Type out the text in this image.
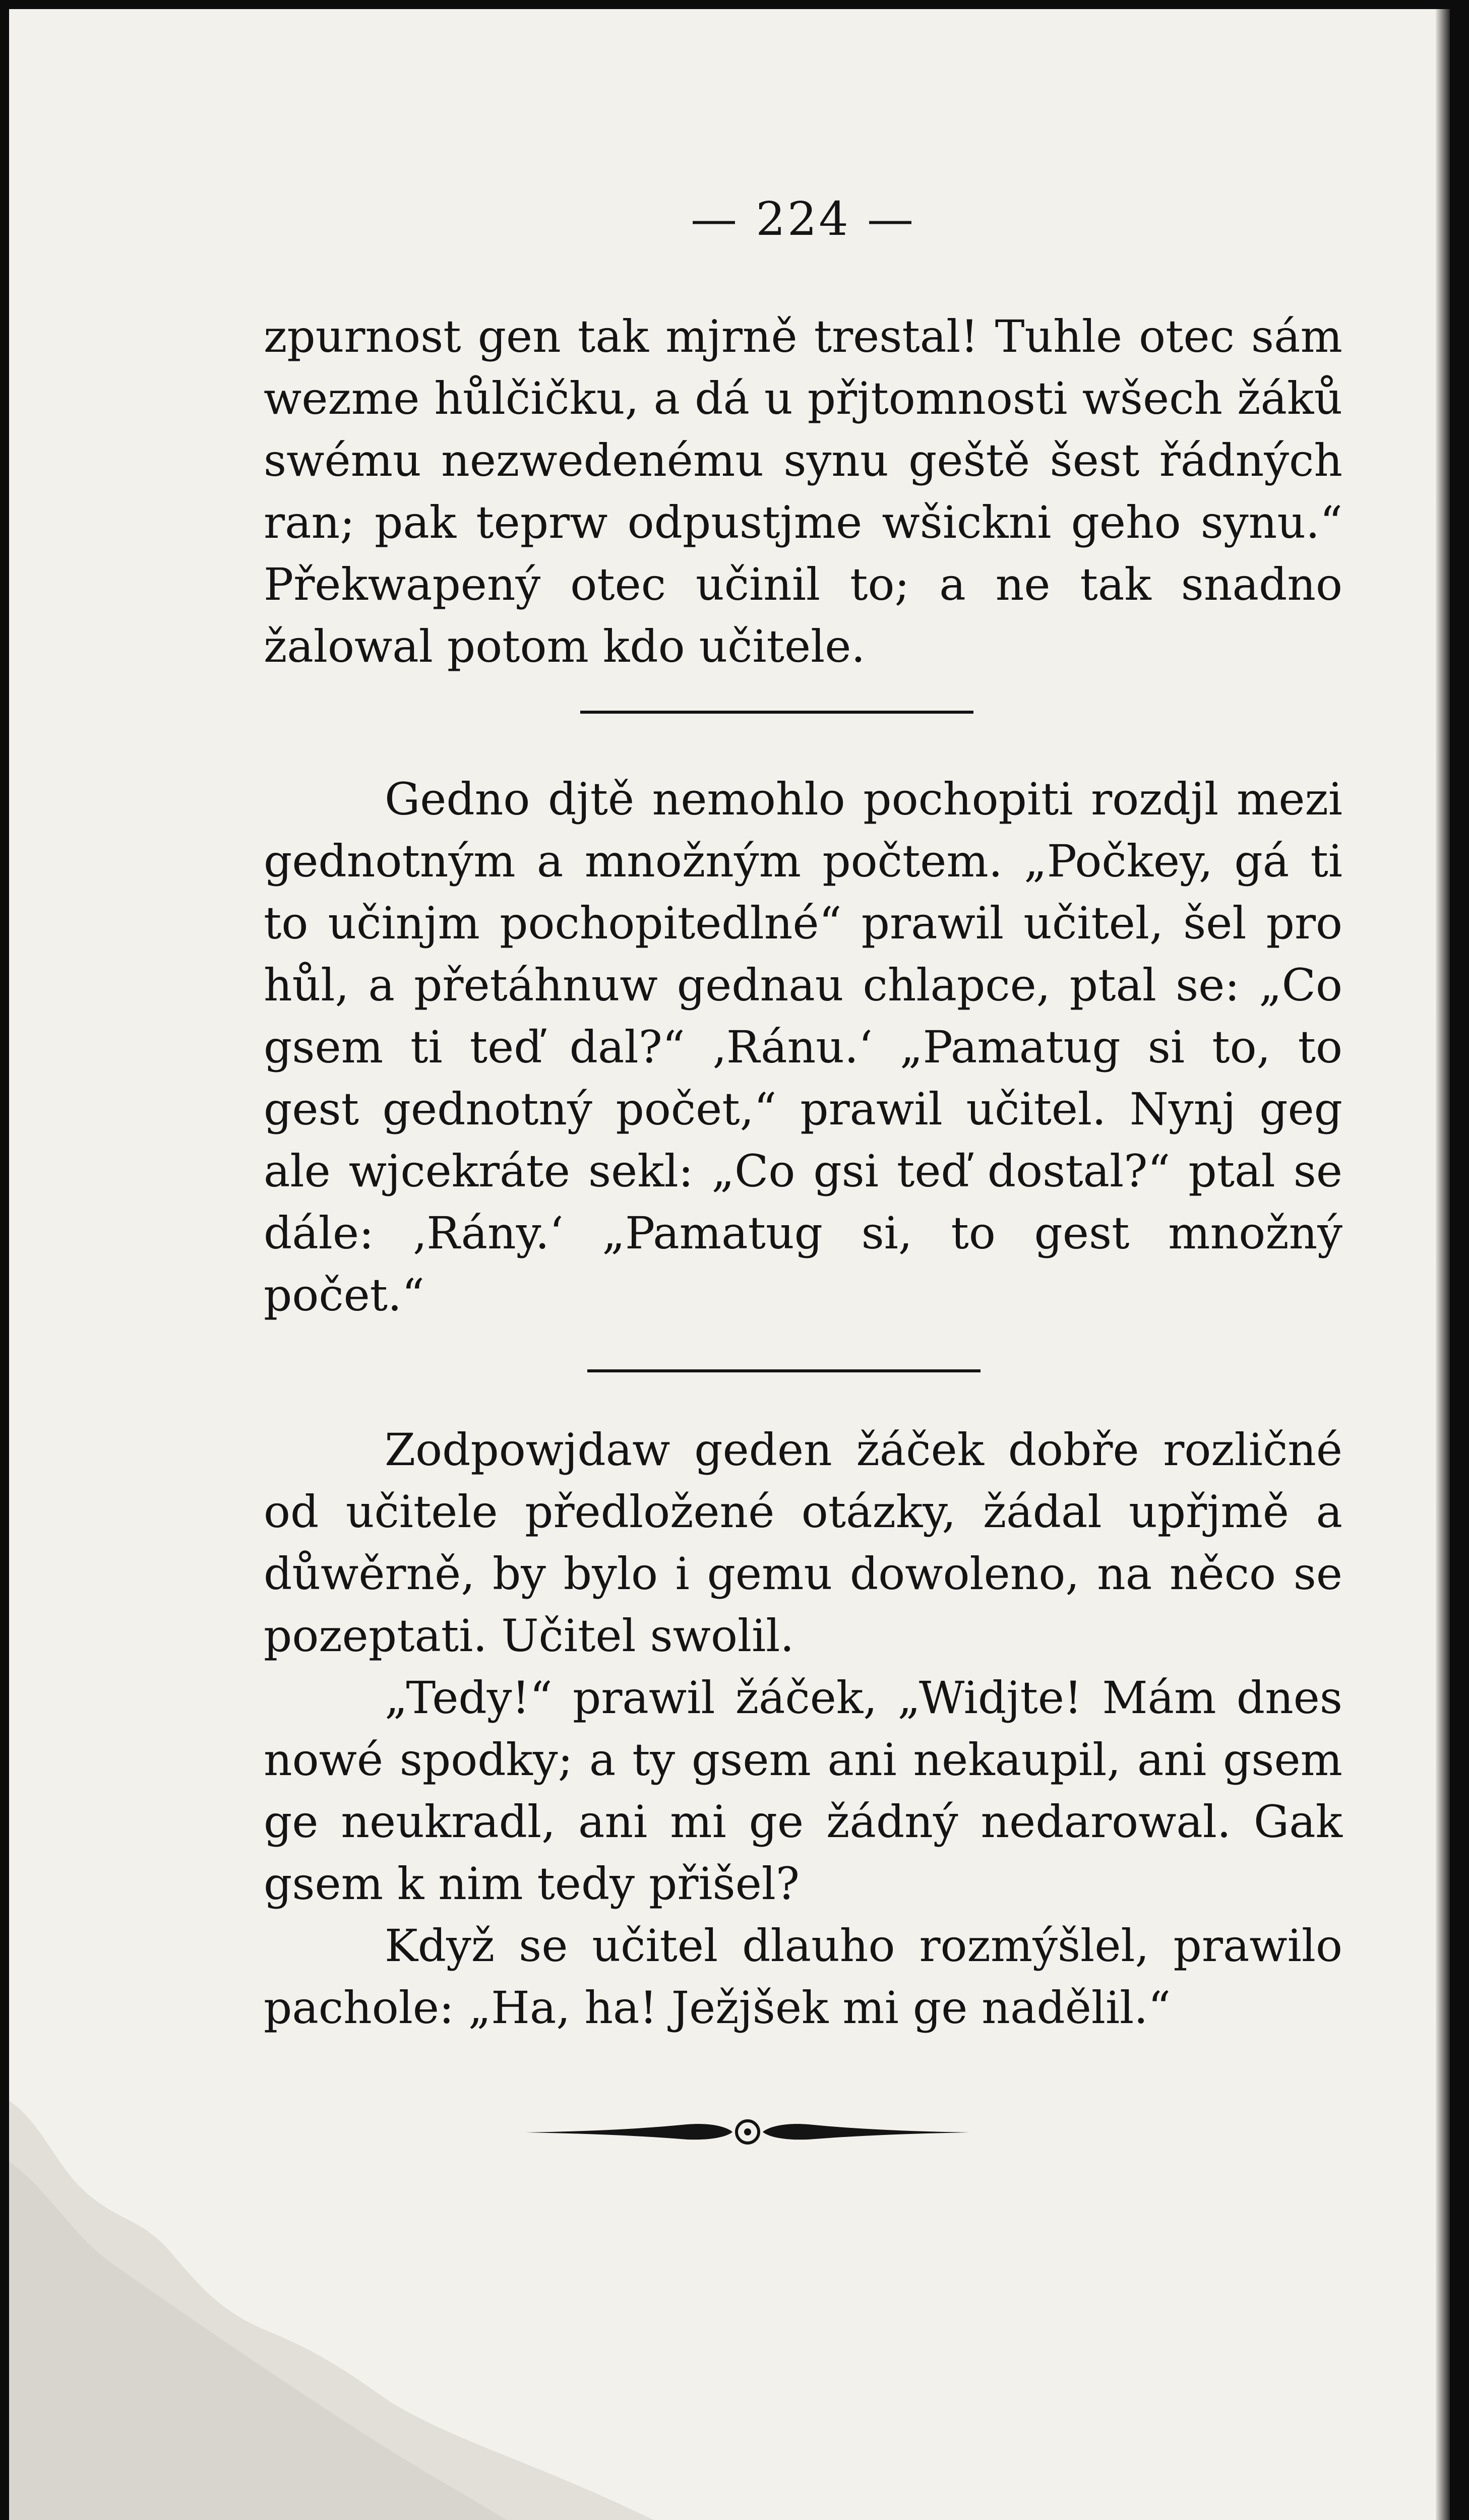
— 224 —

zpurnost gen tak mjrně trestal! Tuhle otec sám wezme hůlčičku, a dá u přjtomnosti wšech žáků swému nezwedenému synu geště šest řádných ran; pak teprw odpustjme wšickni geho synu.“ Překwapený otec učinil to; a ne tak snadno žalowal potom kdo učitele.

Gedno djtě nemohlo pochopiti rozdjl mezi gednotným a množným počtem. „Počkey, gá ti to učinjm pochopitedlné“ prawil učitel, šel pro hůl, a přetáhnuw gednau chlapce, ptal se: „Co gsem ti teď dal?“ ‚Ránu.‘ „Pamatug si to, to gest gednotný počet,“ prawil učitel. Nynj geg ale wjcekráte sekl: „Co gsi teď dostal?“ ptal se dále: ‚Rány.‘ „Pamatug si, to gest množný počet.“

Zodpowjdaw geden žáček dobře rozličné od učitele předložené otázky, žádal upřjmě a důwěrně, by bylo i gemu dowoleno, na něco se pozeptati. Učitel swolil.

„Tedy!“ prawil žáček, „Widjte! Mám dnes nowé spodky; a ty gsem ani nekaupil, ani gsem ge neukradl, ani mi ge žádný nedarowal. Gak gsem k nim tedy přišel?

Když se učitel dlauho rozmýšlel, prawilo pachole: „Ha, ha! Ježjšek mi ge nadělil.“
